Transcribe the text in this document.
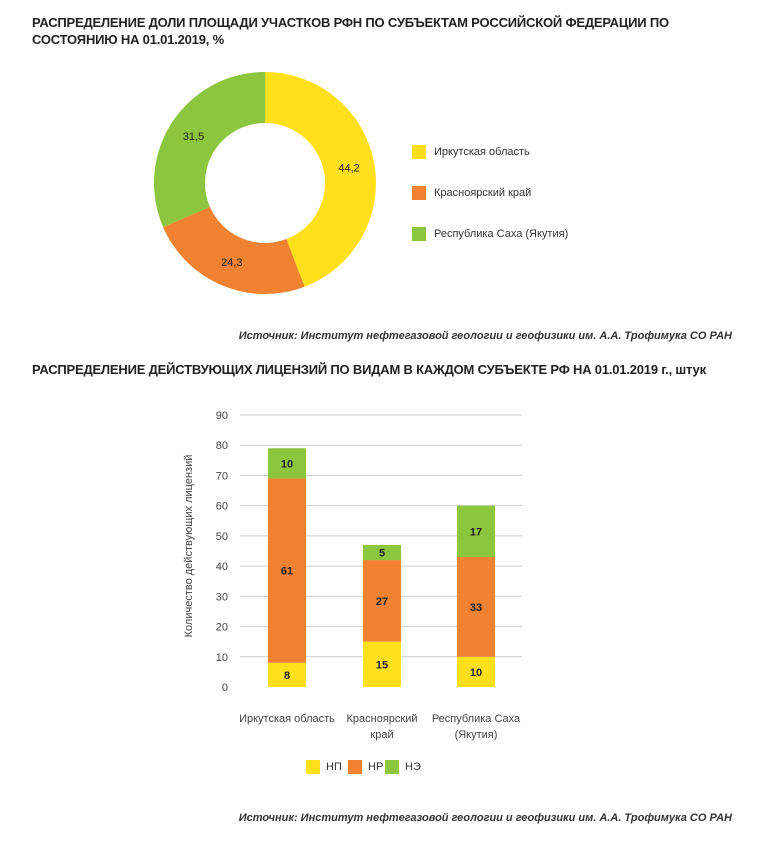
РАСПРЕДЕЛЕНИЕ ДОЛИ ПЛОЩАДИ УЧАСТКОВ РФН ПО СУБЪЕКТАМ РОССИЙСКОЙ ФЕДЕРАЦИИ ПО СОСТОЯНИЮ НА 01.01.2019, %
РАСПРЕДЕЛЕНИЕ ДЕЙСТВУЮЩИХ ЛИЦЕНЗИЙ ПО ВИДАМ В КАЖДОМ СУБЪЕКТЕ РФ НА 01.01.2019 г., штук
44,2
24,3
31,5
0
10
20
30
40
50
60
70
80
90
Количество действующих лицензий
8
61
10
Иркутская область
15
27
5
Красноярский
край
10
33
17
Республика Саха
(Якутия)
Иркутская область
Красноярский край
Республика Саха (Якутия)
НП НР НЭ
Источник: Институт нефтегазовой геологии и геофизики им. А.А. Трофимука СО РАН
Источник: Институт нефтегазовой геологии и геофизики им. А.А. Трофимука СО РАН
